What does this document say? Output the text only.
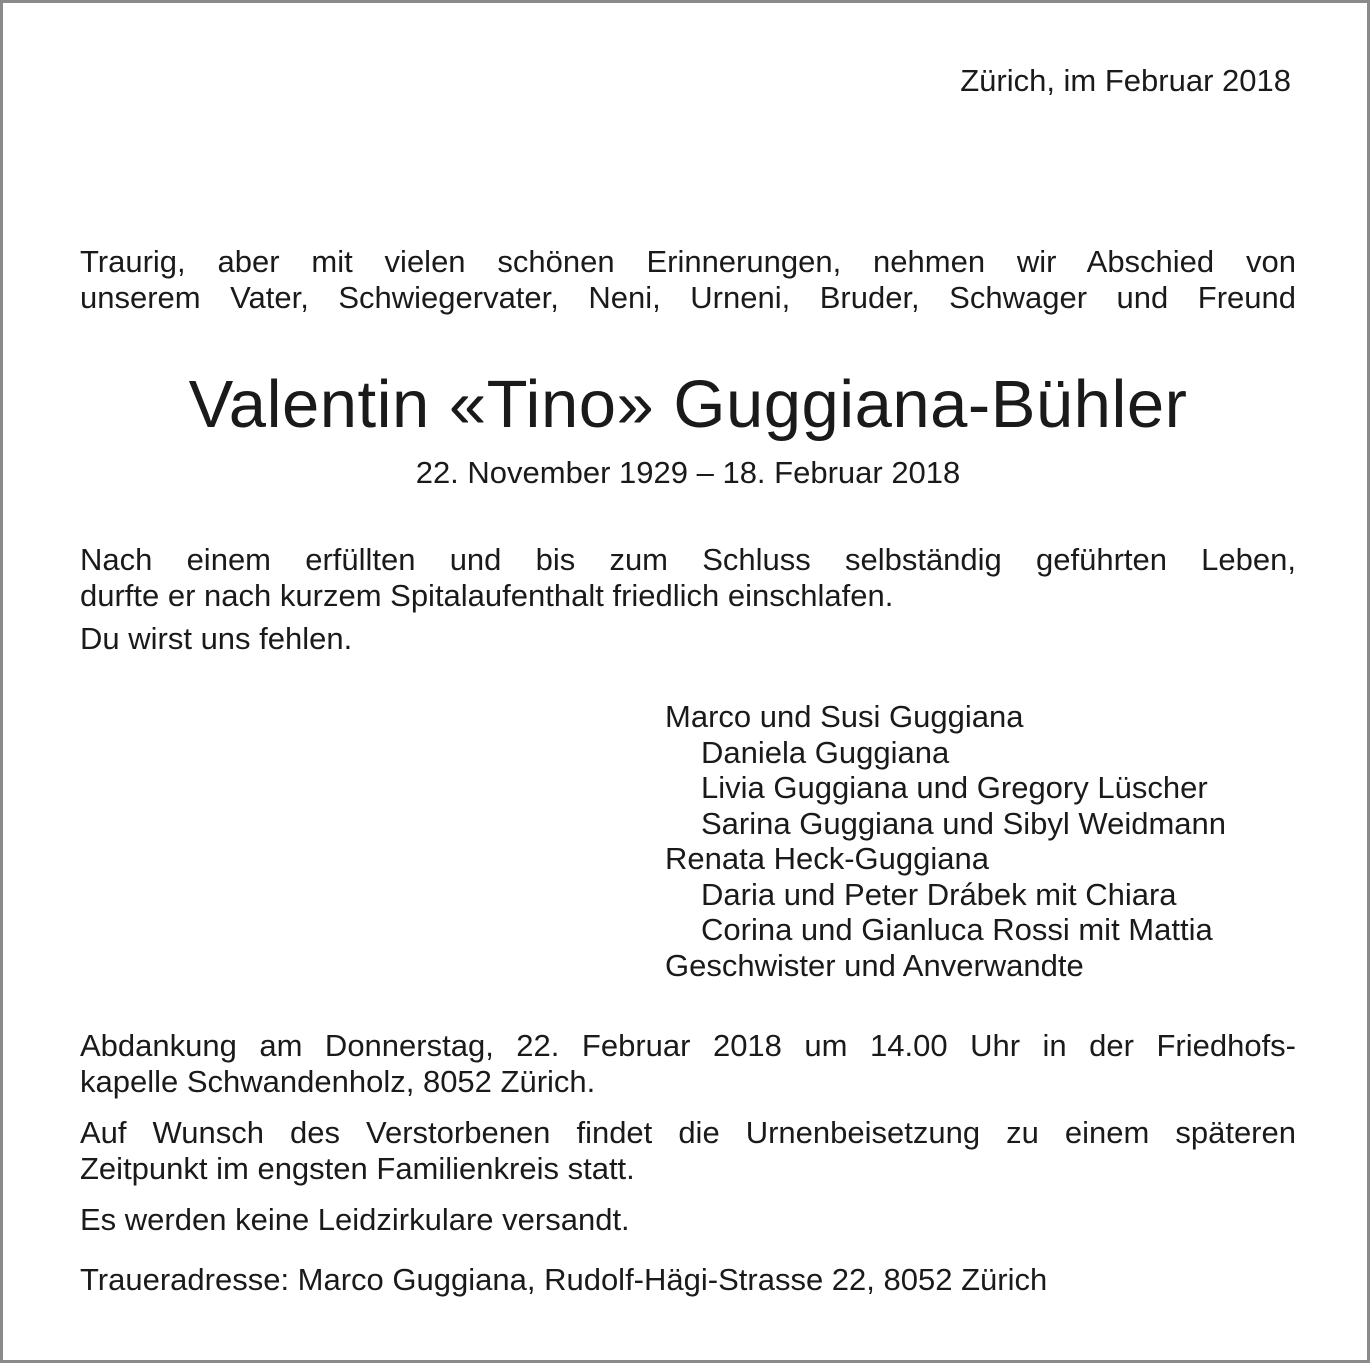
Zürich, im Februar 2018
Traurig, aber mit vielen schönen Erinnerungen, nehmen wir Abschied von
unserem Vater, Schwiegervater, Neni, Urneni, Bruder, Schwager und Freund
Valentin «Tino» Guggiana-Bühler
22. November 1929 – 18. Februar 2018
Nach einem erfüllten und bis zum Schluss selbständig geführten Leben,
durfte er nach kurzem Spitalaufenthalt friedlich einschlafen.
Du wirst uns fehlen.
Marco und Susi Guggiana
Daniela Guggiana
Livia Guggiana und Gregory Lüscher
Sarina Guggiana und Sibyl Weidmann
Renata Heck-Guggiana
Daria und Peter Drábek mit Chiara
Corina und Gianluca Rossi mit Mattia
Geschwister und Anverwandte
Abdankung am Donnerstag, 22. Februar 2018 um 14.00 Uhr in der Friedhofs-
kapelle Schwandenholz, 8052 Zürich.
Auf Wunsch des Verstorbenen findet die Urnenbeisetzung zu einem späteren
Zeitpunkt im engsten Familienkreis statt.
Es werden keine Leidzirkulare versandt.
Traueradresse: Marco Guggiana, Rudolf-Hägi-Strasse 22, 8052 Zürich
